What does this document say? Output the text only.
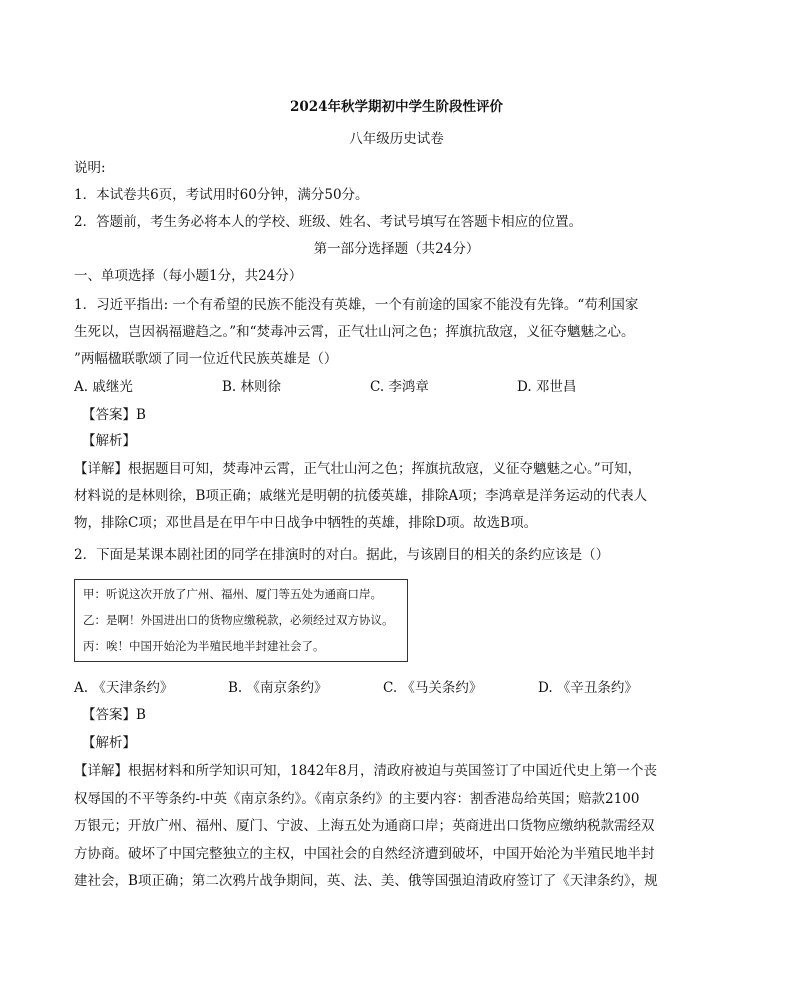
2024年秋学期初中学生阶段性评价
八年级历史试卷
说明:
1．本试卷共6页，考试用时60分钟，满分50分。
2．答题前，考生务必将本人的学校、班级、姓名、考试号填写在答题卡相应的位置。
第一部分选择题（共24分）
一、单项选择（每小题1分，共24分）
1．习近平指出: 一个有希望的民族不能没有英雄，一个有前途的国家不能没有先锋。“苟利国家
生死以，岂因祸福避趋之。”和“焚毒冲云霄，正气壮山河之色；挥旗抗敌寇，义征夺魑魅之心。
”两幅楹联歌颂了同一位近代民族英雄是（）
A. 戚继光	B. 林则徐	C. 李鸿章	D. 邓世昌
【答案】B
【解析】
【详解】根据题目可知，焚毒冲云霄，正气壮山河之色；挥旗抗敌寇，义征夺魑魅之心。”可知，
材料说的是林则徐，B项正确；戚继光是明朝的抗倭英雄，排除A项；李鸿章是洋务运动的代表人
物，排除C项；邓世昌是在甲午中日战争中牺牲的英雄，排除D项。故选B项。
2．下面是某课本剧社团的同学在排演时的对白。据此，与该剧目的相关的条约应该是（）
甲：听说这次开放了广州、福州、厦门等五处为通商口岸。
乙：是啊！外国进出口的货物应缴税款，必须经过双方协议。
丙：唉！中国开始沦为半殖民地半封建社会了。
A. 《天津条约》	B. 《南京条约》	C. 《马关条约》	D. 《辛丑条约》
【答案】B
【解析】
【详解】根据材料和所学知识可知，1842年8月，清政府被迫与英国签订了中国近代史上第一个丧
权辱国的不平等条约-中英《南京条约》。《南京条约》的主要内容：割香港岛给英国；赔款2100
万银元；开放广州、福州、厦门、宁波、上海五处为通商口岸；英商进出口货物应缴纳税款需经双
方协商。破坏了中国完整独立的主权，中国社会的自然经济遭到破坏，中国开始沦为半殖民地半封
建社会，B项正确；第二次鸦片战争期间，英、法、美、俄等国强迫清政府签订了《天津条约》，规
